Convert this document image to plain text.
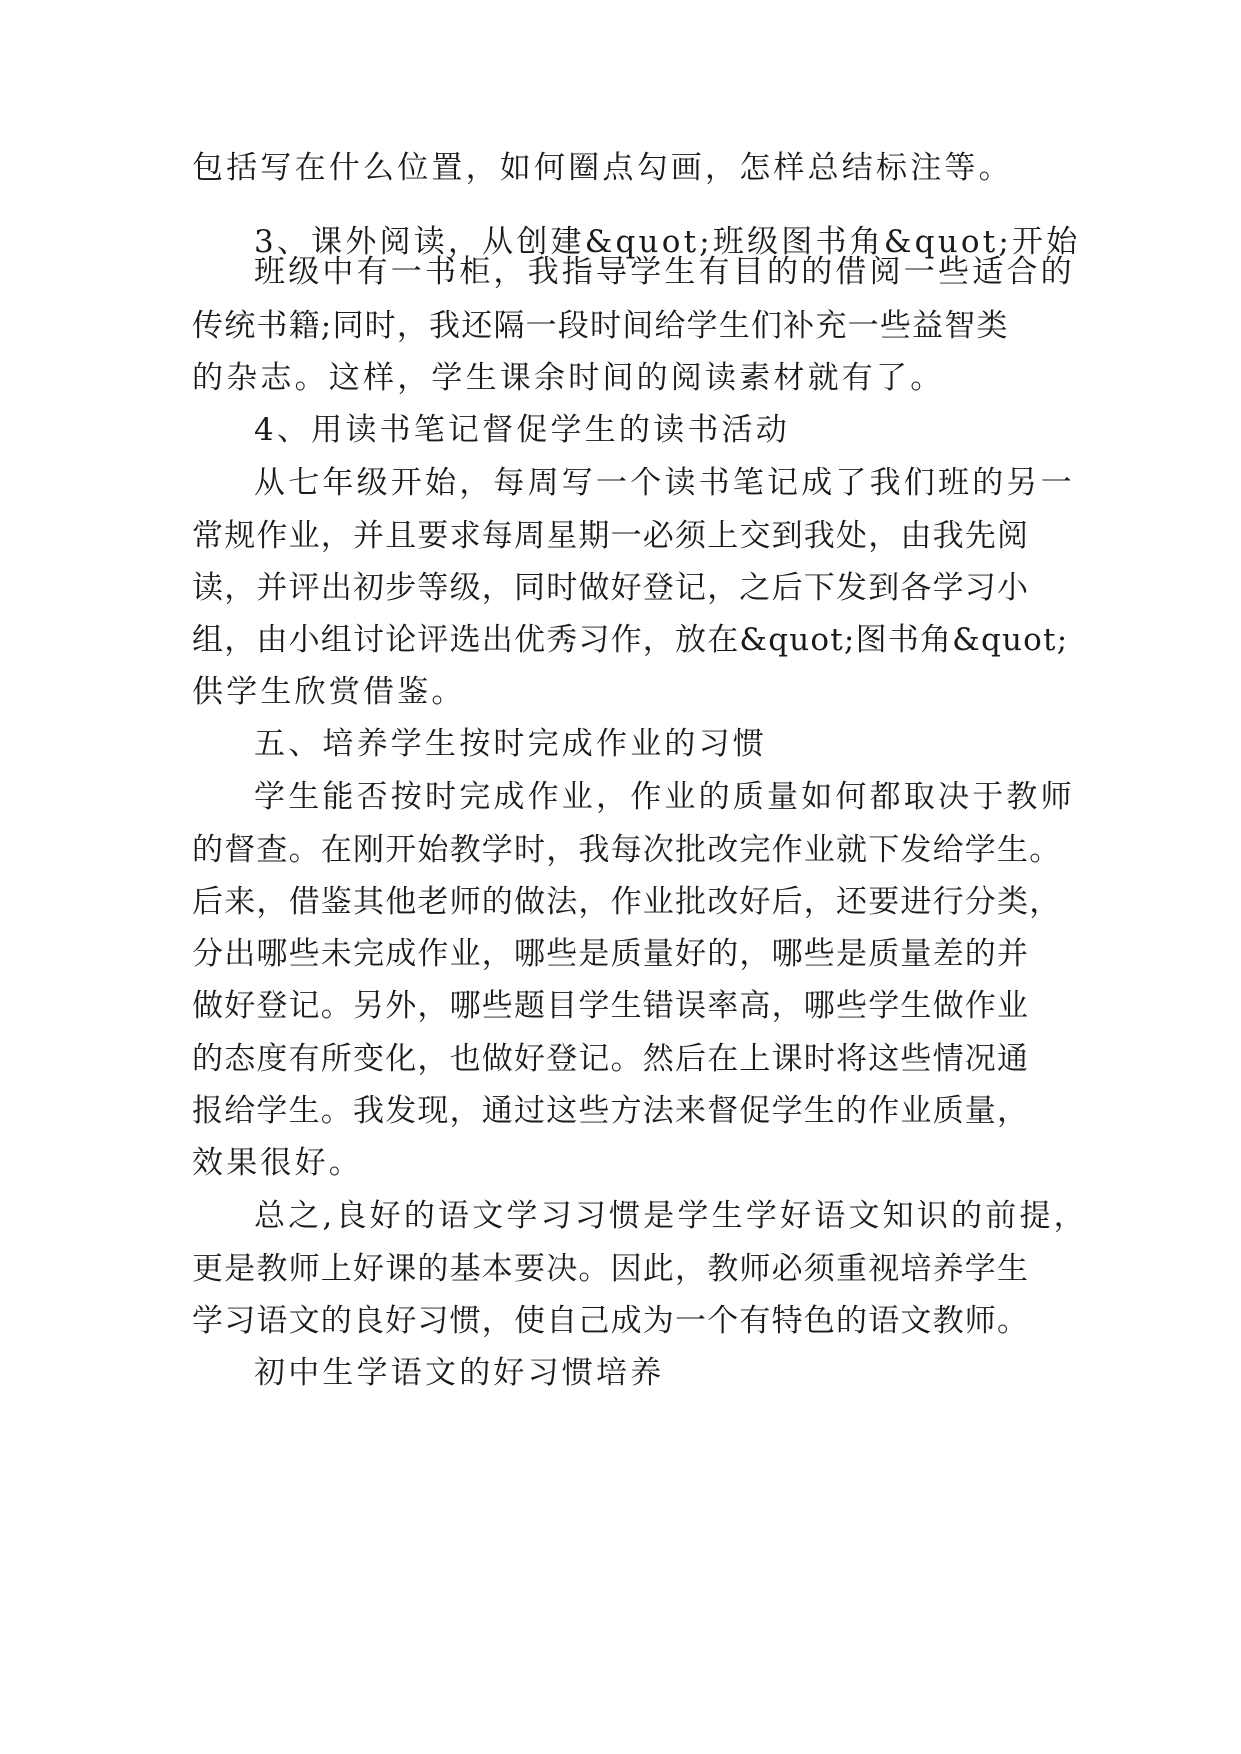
包括写在什么位置，如何圈点勾画，怎样总结标注等。
3、课外阅读，从创建&quot;班级图书角&quot;开始
班级中有一书柜，我指导学生有目的的借阅一些适合的
传统书籍;同时，我还隔一段时间给学生们补充一些益智类
的杂志。这样，学生课余时间的阅读素材就有了。
4、用读书笔记督促学生的读书活动
从七年级开始，每周写一个读书笔记成了我们班的另一
常规作业，并且要求每周星期一必须上交到我处，由我先阅
读，并评出初步等级，同时做好登记，之后下发到各学习小
组，由小组讨论评选出优秀习作，放在&quot;图书角&quot;
供学生欣赏借鉴。
五、培养学生按时完成作业的习惯
学生能否按时完成作业，作业的质量如何都取决于教师
的督查。在刚开始教学时，我每次批改完作业就下发给学生。
后来，借鉴其他老师的做法，作业批改好后，还要进行分类，
分出哪些未完成作业，哪些是质量好的，哪些是质量差的并
做好登记。另外，哪些题目学生错误率高，哪些学生做作业
的态度有所变化，也做好登记。然后在上课时将这些情况通
报给学生。我发现，通过这些方法来督促学生的作业质量，
效果很好。
总之,良好的语文学习习惯是学生学好语文知识的前提，
更是教师上好课的基本要决。因此，教师必须重视培养学生
学习语文的良好习惯，使自己成为一个有特色的语文教师。
初中生学语文的好习惯培养
